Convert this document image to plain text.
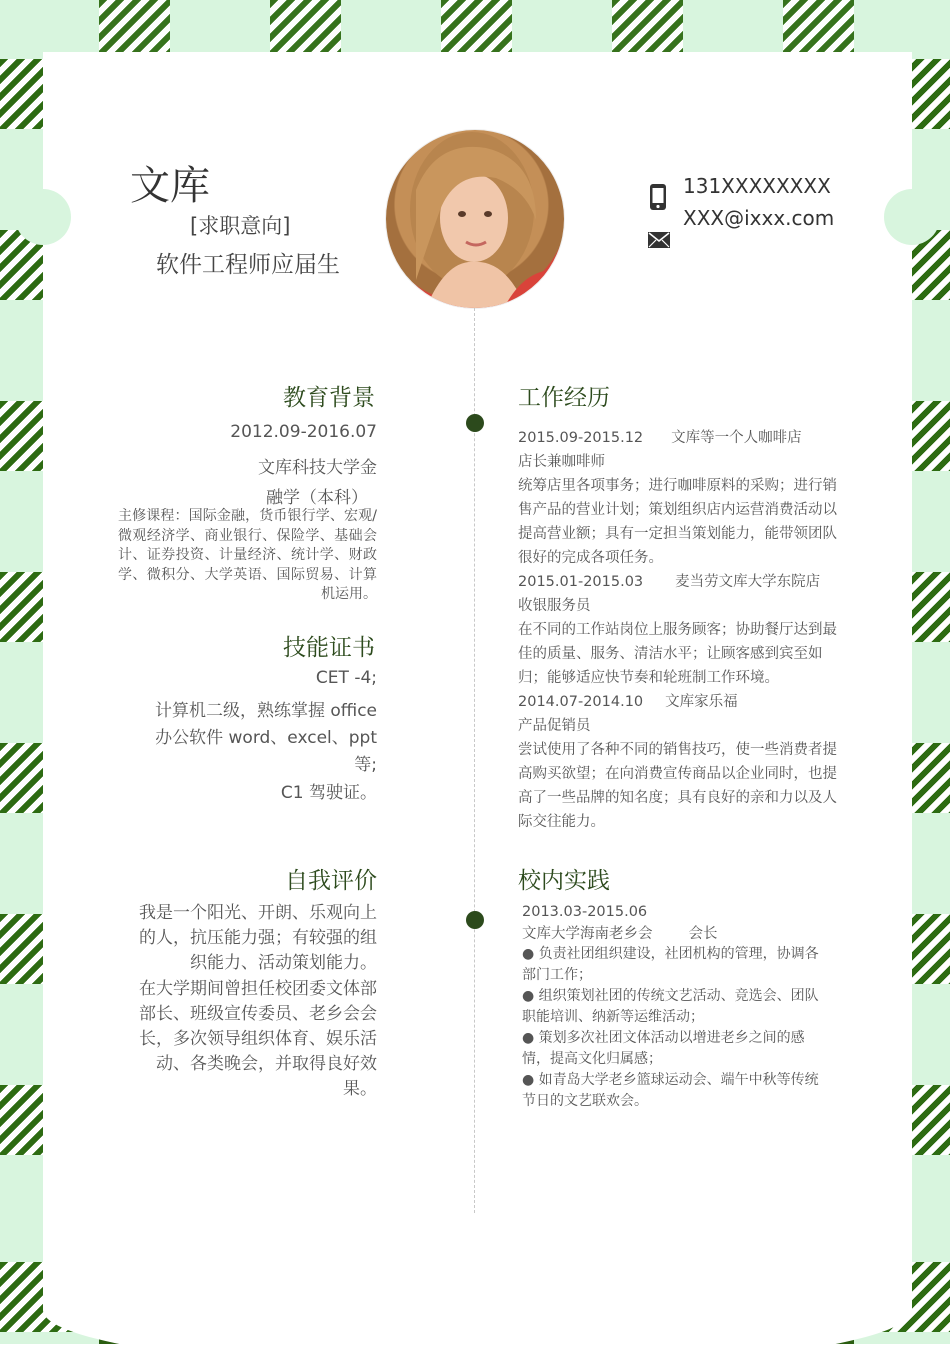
文库
[求职意向]
软件工程师应届生
131XXXXXXXX
XXX@ixxx.com
教育背景
2012.09-2016.07
文库科技大学金
融学（本科）
主修课程：国际金融，货币银行学、宏观/微观经济学、商业银行、保险学、基础会计、证券投资、计量经济、统计学、财政学、微积分、大学英语、国际贸易、计算机运用。
技能证书
CET -4;
计算机二级，熟练掌握 office 办公软件 word、excel、ppt 等;
C1 驾驶证。
自我评价
我是一个阳光、开朗、乐观向上的人，抗压能力强；有较强的组织能力、活动策划能力。
在大学期间曾担任校团委文体部部长、班级宣传委员、老乡会会长，多次领导组织体育、娱乐活动、各类晚会，并取得良好效果。
工作经历

2015.09-2015.12 文库等一个人咖啡店

店长兼咖啡师

统筹店里各项事务；进行咖啡原料的采购；进行销售产品的营业计划；策划组织店内运营消费活动以提高营业额；具有一定担当策划能力，能带领团队很好的完成各项任务。

2015.01-2015.03 麦当劳文库大学东院店

收银服务员

在不同的工作站岗位上服务顾客；协助餐厅达到最佳的质量、服务、清洁水平；让顾客感到宾至如归；能够适应快节奏和轮班制工作环境。

2014.07-2014.10 文库家乐福

产品促销员

尝试使用了各种不同的销售技巧，使一些消费者提高购买欲望；在向消费宣传商品以企业同时，也提高了一些品牌的知名度；具有良好的亲和力以及人际交往能力。

校内实践

2013.03-2015.06

文库大学海南老乡会 会长

● 负责社团组织建设，社团机构的管理，协调各部门工作；
● 组织策划社团的传统文艺活动、竞选会、团队职能培训、纳新等运维活动；
● 策划多次社团文体活动以增进老乡之间的感情，提高文化归属感；
● 如青岛大学老乡篮球运动会、端午中秋等传统节日的文艺联欢会。
